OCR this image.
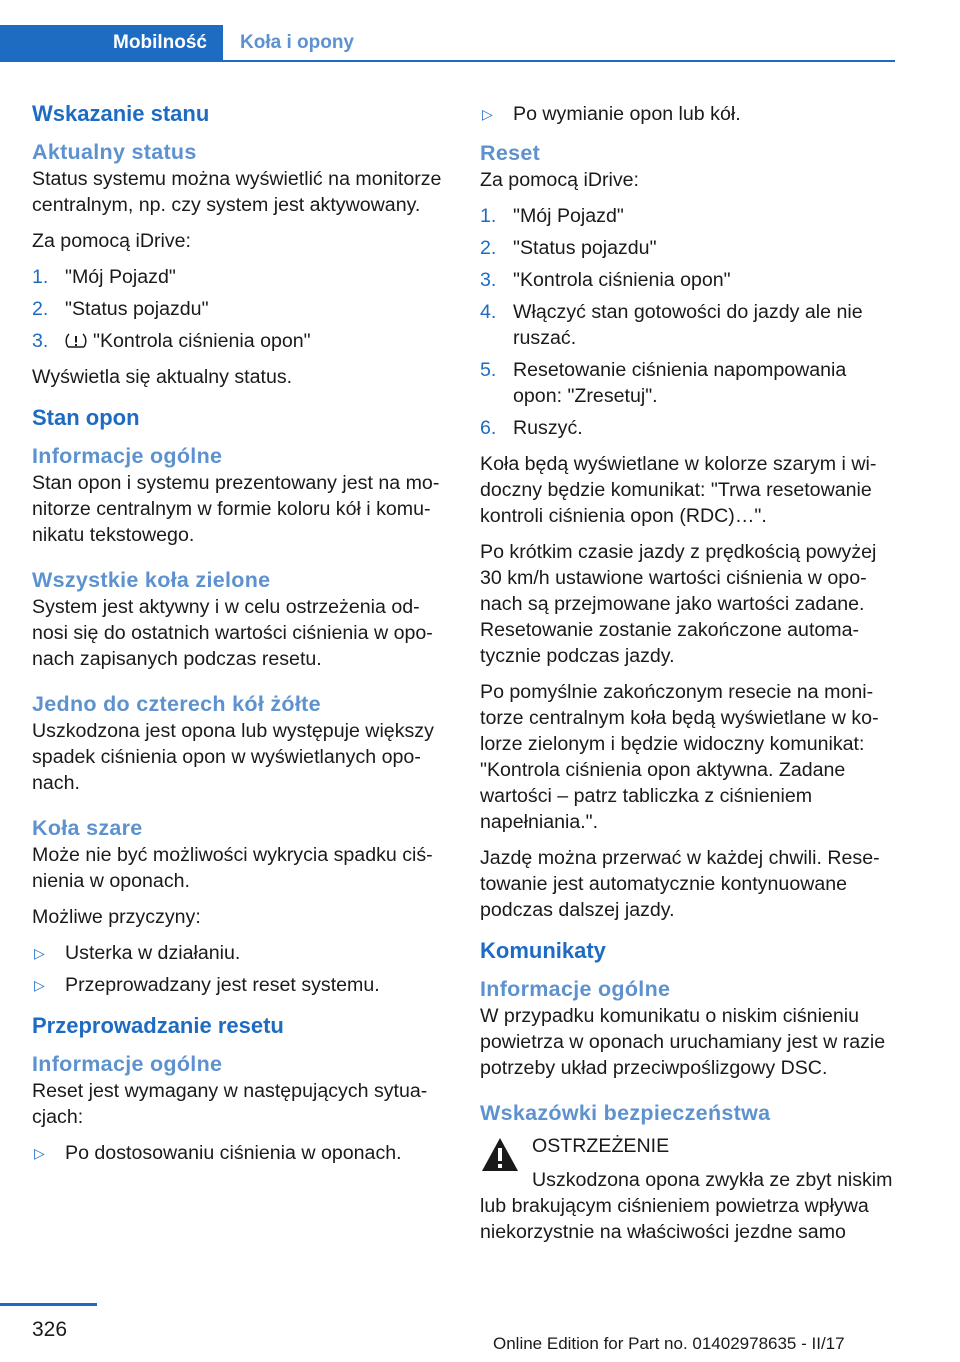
Mobilność Koła i opony
Wskazanie stanu
Aktualny status
Status systemu można wyświetlić na monitorze centralnym, np. czy system jest aktywowany.
Za pomocą iDrive:
1. "Mój Pojazd"
2. "Status pojazdu"
3. "Kontrola ciśnienia opon"
Wyświetla się aktualny status.
Stan opon
Informacje ogólne
Stan opon i systemu prezentowany jest na monitorze centralnym w formie koloru kół i komunikatu tekstowego.
Wszystkie koła zielone
System jest aktywny i w celu ostrzeżenia odnosi się do ostatnich wartości ciśnienia w oponach zapisanych podczas resetu.
Jedno do czterech kół żółte
Uszkodzona jest opona lub występuje większy spadek ciśnienia opon w wyświetlanych oponach.
Koła szare
Może nie być możliwości wykrycia spadku ciśnienia w oponach.
Możliwe przyczyny:
▷ Usterka w działaniu.
▷ Przeprowadzany jest reset systemu.
Przeprowadzanie resetu
Informacje ogólne
Reset jest wymagany w następujących sytuacjach:
▷ Po dostosowaniu ciśnienia w oponach.
▷ Po wymianie opon lub kół.
Reset
Za pomocą iDrive:
1. "Mój Pojazd"
2. "Status pojazdu"
3. "Kontrola ciśnienia opon"
4. Włączyć stan gotowości do jazdy ale nie ruszać.
5. Resetowanie ciśnienia napompowania opon: "Zresetuj".
6. Ruszyć.
Koła będą wyświetlane w kolorze szarym i widoczny będzie komunikat: "Trwa resetowanie kontroli ciśnienia opon (RDC)…".
Po krótkim czasie jazdy z prędkością powyżej 30 km/h ustawione wartości ciśnienia w oponach są przejmowane jako wartości zadane. Resetowanie zostanie zakończone automatycznie podczas jazdy.
Po pomyślnie zakończonym resecie na monitorze centralnym koła będą wyświetlane w kolorze zielonym i będzie widoczny komunikat: "Kontrola ciśnienia opon aktywna. Zadane wartości – patrz tabliczka z ciśnieniem napełniania.".
Jazdę można przerwać w każdej chwili. Resetowanie jest automatycznie kontynuowane podczas dalszej jazdy.
Komunikaty
Informacje ogólne
W przypadku komunikatu o niskim ciśnieniu powietrza w oponach uruchamiany jest w razie potrzeby układ przeciwpoślizgowy DSC.
Wskazówki bezpieczeństwa
OSTRZEŻENIE
Uszkodzona opona zwykła ze zbyt niskim
lub brakującym ciśnieniem powietrza wpływa niekorzystnie na właściwości jezdne samo
326
Online Edition for Part no. 01402978635 - II/17
